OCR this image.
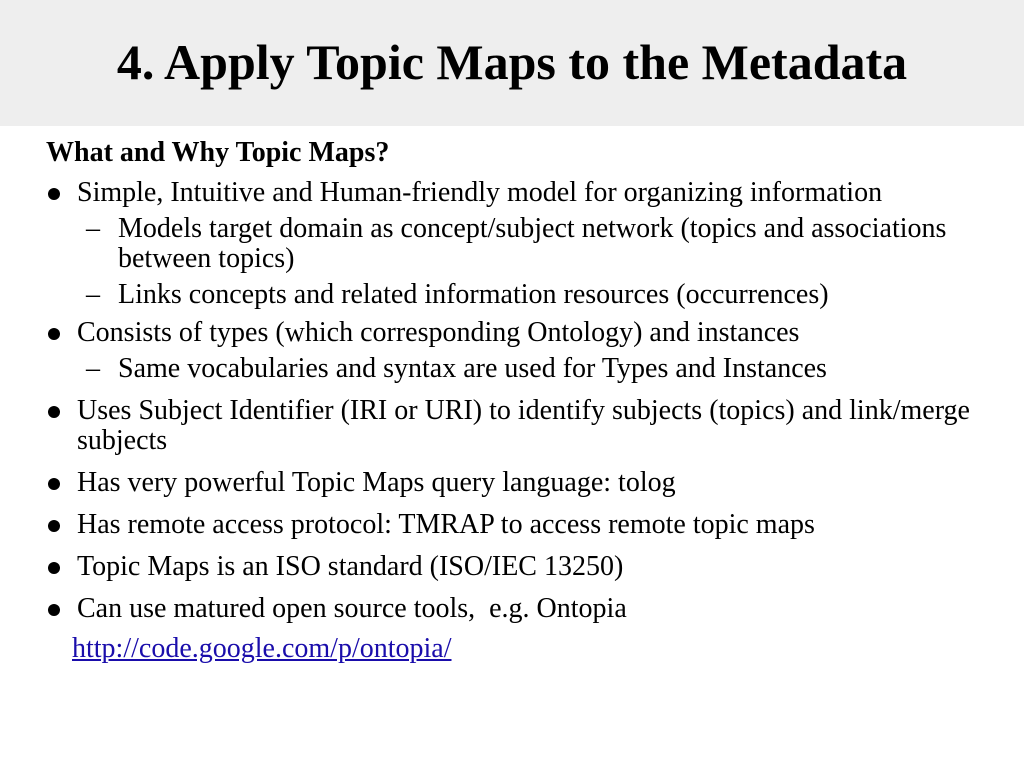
4. Apply Topic Maps to the Metadata
What and Why Topic Maps?
Simple, Intuitive and Human-friendly model for organizing information
– Models target domain as concept/subject network (topics and associations between topics)
– Links concepts and related information resources (occurrences)
Consists of types (which corresponding Ontology) and instances
– Same vocabularies and syntax are used for Types and Instances
Uses Subject Identifier (IRI or URI) to identify subjects (topics) and link/merge subjects
Has very powerful Topic Maps query language: tolog
Has remote access protocol: TMRAP to access remote topic maps
Topic Maps is an ISO standard (ISO/IEC 13250)
Can use matured open source tools,  e.g. Ontopia
http://code.google.com/p/ontopia/
